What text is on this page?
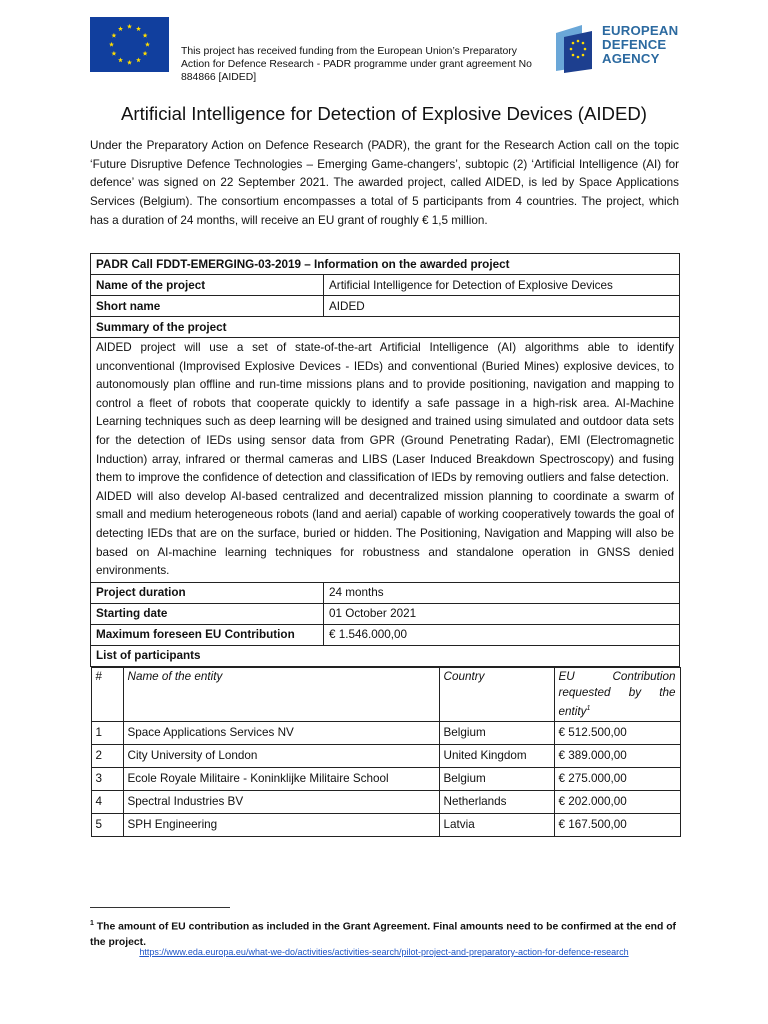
This project has received funding from the European Union’s Preparatory Action for Defence Research - PADR programme under grant agreement No 884866 [AIDED]
EUROPEAN
DEFENCE
AGENCY
Artificial Intelligence for Detection of Explosive Devices (AIDED)
Under the Preparatory Action on Defence Research (PADR), the grant for the Research Action call on the topic ‘Future Disruptive Defence Technologies – Emerging Game-changers’, subtopic (2) ‘Artificial Intelligence (AI) for defence’ was signed on 22 September 2021. The awarded project, called AIDED, is led by Space Applications Services (Belgium). The consortium encompasses a total of 5 participants from 4 countries. The project, which has a duration of 24 months, will receive an EU grant of roughly € 1,5 million.
PADR Call FDDT-EMERGING-03-2019 – Information on the awarded project
Name of the project	Artificial Intelligence for Detection of Explosive Devices
Short name	AIDED
Summary of the project

AIDED project will use a set of state-of-the-art Artificial Intelligence (AI) algorithms able to identify unconventional (Improvised Explosive Devices - IEDs) and conventional (Buried Mines) explosive devices, to autonomously plan offline and run-time missions plans and to provide positioning, navigation and mapping to control a fleet of robots that cooperate quickly to identify a safe passage in a high-risk area. AI-Machine Learning techniques such as deep learning will be designed and trained using simulated and outdoor data sets for the detection of IEDs using sensor data from GPR (Ground Penetrating Radar), EMI (Electromagnetic Induction) array, infrared or thermal cameras and LIBS (Laser Induced Breakdown Spectroscopy) and fusing them to improve the confidence of detection and classification of IEDs by removing outliers and false detection.
AIDED will also develop AI-based centralized and decentralized mission planning to coordinate a swarm of small and medium heterogeneous robots (land and aerial) capable of working cooperatively towards the goal of detecting IEDs that are on the surface, buried or hidden. The Positioning, Navigation and Mapping will also be based on AI-machine learning techniques for robustness and standalone operation in GNSS denied environments.

Project duration	24 months
Starting date	01 October 2021
Maximum foreseen EU Contribution	€ 1.546.000,00
List of participants

#	Name of the entity	Country	EU Contribution requested by the entity$^1$
1	Space Applications Services NV	Belgium	€ 512.500,00
2	City University of London	United Kingdom	€ 389.000,00
3	Ecole Royale Militaire - Koninklijke Militaire School	Belgium	€ 275.000,00
4	Spectral Industries BV	Netherlands	€ 202.000,00
5	SPH Engineering	Latvia	€ 167.500,00
$^1$ The amount of EU contribution as included in the Grant Agreement. Final amounts need to be confirmed at the end of the project.
https://www.eda.europa.eu/what-we-do/activities/activities-search/pilot-project-and-preparatory-action-for-defence-research
